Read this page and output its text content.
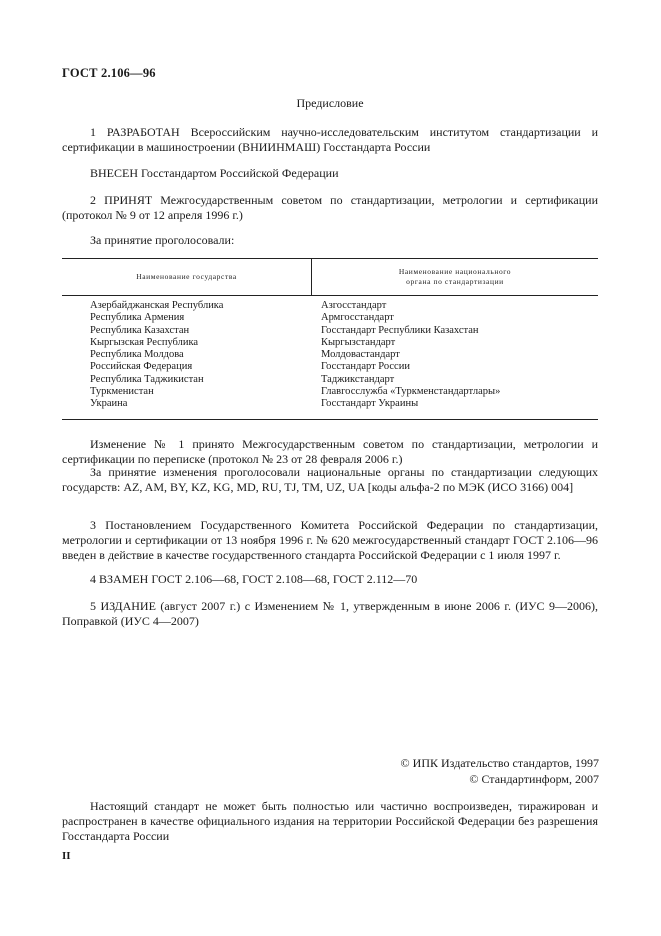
ГОСТ 2.106—96
Предисловие

1 РАЗРАБОТАН Всероссийским научно-исследовательским институтом стандартизации и сертификации в машиностроении (ВНИИНМАШ) Госстандарта России

ВНЕСЕН Госстандартом Российской Федерации

2 ПРИНЯТ Межгосударственным советом по стандартизации, метрологии и сертификации (протокол № 9 от 12 апреля 1996 г.)

За принятие проголосовали:

Наименование государства
Наименование национального
органа по стандартизации
Азербайджанская Республика
Республика Армения
Республика Казахстан
Кыргызская Республика
Республика Молдова
Российская Федерация
Республика Таджикистан
Туркменистан
Украина
Азгосстандарт
Армгосстандарт
Госстандарт Республики Казахстан
Кыргызстандарт
Молдовастандарт
Госстандарт России
Таджикстандарт
Главгосслужба «Туркменстандартлары»
Госстандарт Украины

Изменение № 1 принято Межгосударственным советом по стандартизации, метрологии и сертификации по переписке (протокол № 23 от 28 февраля 2006 г.)

За принятие изменения проголосовали национальные органы по стандартизации следующих государств: AZ, AM, BY, KZ, KG, MD, RU, TJ, TM, UZ, UA [коды альфа-2 по МЭК (ИСО 3166) 004]

3 Постановлением Государственного Комитета Российской Федерации по стандартизации, метрологии и сертификации от 13 ноября 1996 г. № 620 межгосударственный стандарт ГОСТ 2.106—96 введен в действие в качестве государственного стандарта Российской Федерации с 1 июля 1997 г.

4 ВЗАМЕН ГОСТ 2.106—68, ГОСТ 2.108—68, ГОСТ 2.112—70

5 ИЗДАНИЕ (август 2007 г.) с Изменением № 1, утвержденным в июне 2006 г. (ИУС 9—2006), Поправкой (ИУС 4—2007)

© ИПК Издательство стандартов, 1997
© Стандартинформ, 2007

Настоящий стандарт не может быть полностью или частично воспроизведен, тиражирован и распространен в качестве официального издания на территории Российской Федерации без разрешения Госстандарта России

II
